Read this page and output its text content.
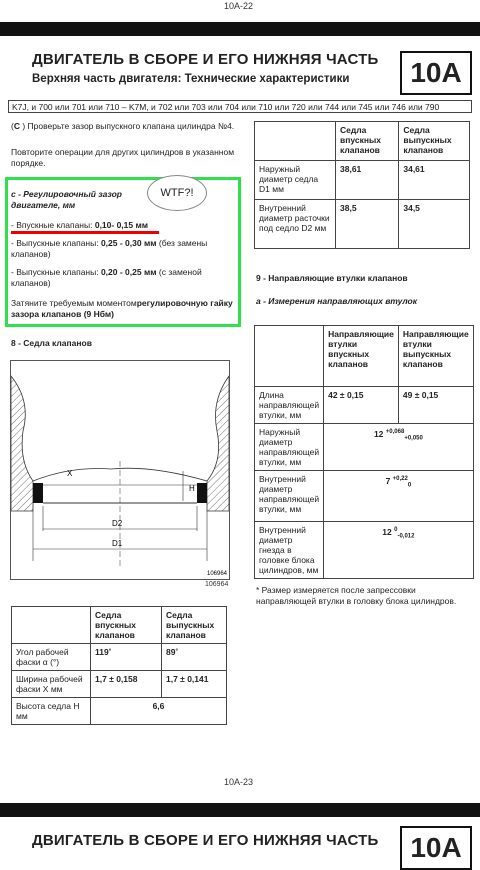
10A-22
ДВИГАТЕЛЬ В СБОРЕ И ЕГО НИЖНЯЯ ЧАСТЬ
Верхняя часть двигателя: Технические характеристики	10A
K7J, и 700 или 701 или 710 – K7M, и 702 или 703 или 704 или 710 или 720 или 744 или 745 или 746 или 790
(C ) Проверьте зазор выпускного клапана цилиндра №4.
Повторите операции для других цилиндров в указанном порядке.
с - Регулировочный зазор
двигателе, мм
WTF?!
- Впускные клапаны: 0,10- 0,15 мм
- Выпускные клапаны: 0,25 - 0,30 мм (без замены клапанов)
- Выпускные клапаны: 0,20 - 0,25 мм (с заменой клапанов)
Затяните требуемым моментомрегулировочную гайку зазора клапанов (9 Нбм)
8 - Седла клапанов
X
H
D2
D1
106964
106964
	Седла впускных клапанов	Седла выпускных клапанов
Угол рабочей фаски α (°)	119˚	89˚
Ширина рабочей фаски X мм	1,7 ± 0,158	1,7 ± 0,141
Высота седла H мм	6,6	
	Седла впускных клапанов	Седла выпускных клапанов
Наружный диаметр седла D1 мм	38,61	34,61
Внутренний диаметр расточки под седло D2 мм	38,5	34,5
9 - Направляющие втулки клапанов
а - Измерения направляющих втулок
	Направляющие втулки впускных клапанов	Направляющие втулки выпускных клапанов
Длина направляющей втулки, мм	42 ± 0,15	49 ± 0,15
Наружный диаметр направляющей втулки, мм	12 $^{+0,068}_{+0,050}$
Внутренний диаметр направляющей втулки, мм	7 $^{+0,22}_0$
Внутренний диаметр гнезда в головке блока цилиндров, мм	12 $^0_{-0,012}$
* Размер измеряется после запрессовки направляющей втулки в головку блока цилиндров.
10A-23
ДВИГАТЕЛЬ В СБОРЕ И ЕГО НИЖНЯЯ ЧАСТЬ	10A
